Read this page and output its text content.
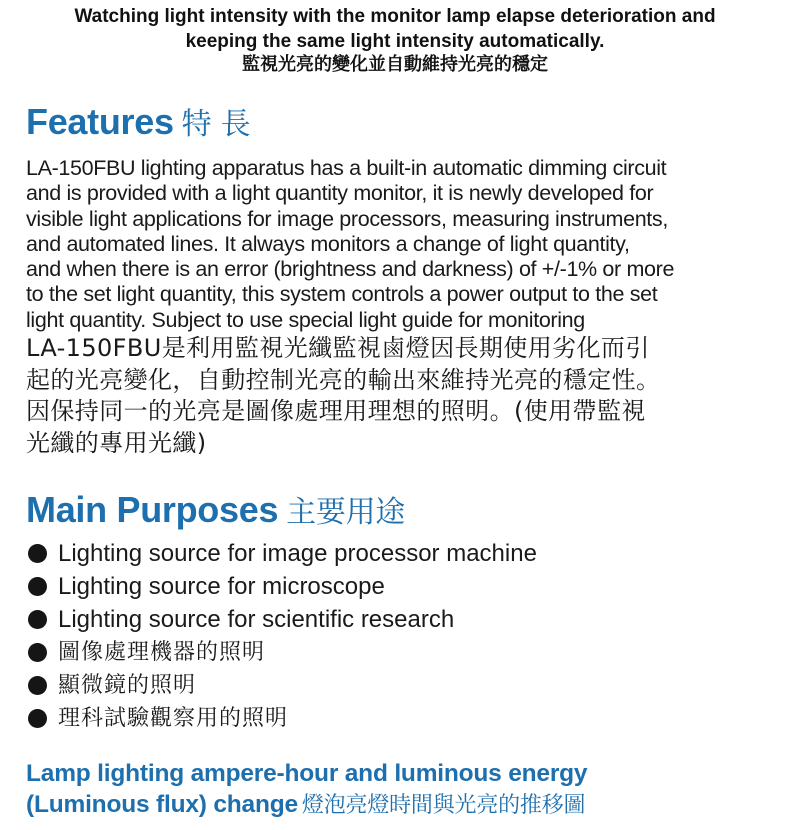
Watching light intensity with the monitor lamp elapse deterioration and
keeping the same light intensity automatically.
監視光亮的變化並自動維持光亮的穩定
Features 特 長

LA-150FBU lighting apparatus has a built-in automatic dimming circuit

and is provided with a light quantity monitor, it is newly developed for

visible light applications for image processors, measuring instruments,

and automated lines. It always monitors a change of light quantity,

and when there is an error (brightness and darkness) of +/-1% or more

to the set light quantity, this system controls a power output to the set

light quantity. Subject to use special light guide for monitoring

LA-150FBU是利用監視光纖監視鹵燈因長期使用劣化而引

起的光亮變化，自動控制光亮的輸出來維持光亮的穩定性。

因保持同一的光亮是圖像處理用理想的照明。(使用帶監視

光纖的專用光纖)

Main Purposes 主要用途
Lighting source for image processor machine
Lighting source for microscope
Lighting source for scientific research
圖像處理機器的照明
顯微鏡的照明
理科試驗觀察用的照明
Lamp lighting ampere-hour and luminous energy
(Luminous flux) change 燈泡亮燈時間與光亮的推移圖
